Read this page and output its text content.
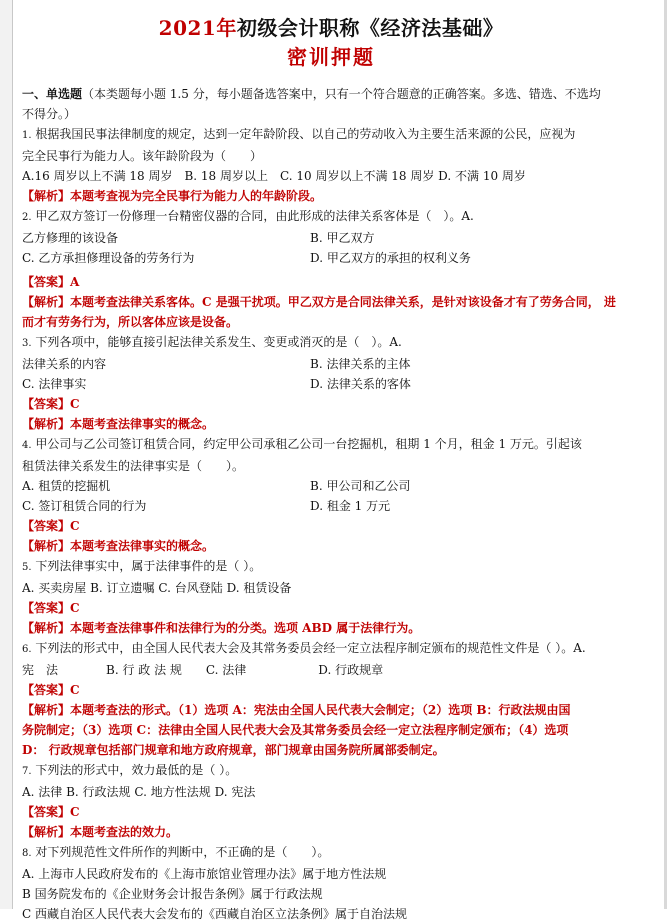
2021年初级会计职称《经济法基础》
密训押题
一、单选题（本类题每小题 1.5 分，每小题备选答案中，只有一个符合题意的正确答案。多选、错选、不选均
不得分。）
1. 根据我国民事法律制度的规定，达到一定年龄阶段、以自己的劳动收入为主要生活来源的公民，应视为
完全民事行为能力人。该年龄阶段为（　　）
A.16 周岁以上不满 18 周岁　B. 18 周岁以上　C. 10 周岁以上不满 18 周岁 D. 不满 10 周岁
【解析】本题考查视为完全民事行为能力人的年龄阶段。
2. 甲乙双方签订一份修理一台精密仪器的合同，由此形成的法律关系客体是（　）。A.
乙方修理的该设备	B. 甲乙双方
C. 乙方承担修理设备的劳务行为	D. 甲乙双方的承担的权利义务
【答案】A
【解析】本题考查法律关系客体。C 是强干扰项。甲乙双方是合同法律关系，是针对该设备才有了劳务合同， 进
而才有劳务行为，所以客体应该是设备。
3. 下列各项中，能够直接引起法律关系发生、变更或消灭的是（　）。A.
法律关系的内容	B. 法律关系的主体
C. 法律事实	D. 法律关系的客体
【答案】C
【解析】本题考查法律事实的概念。
4. 甲公司与乙公司签订租赁合同，约定甲公司承租乙公司一台挖掘机，租期 1 个月，租金 1 万元。引起该
租赁法律关系发生的法律事实是（　　）。
A. 租赁的挖掘机	B. 甲公司和乙公司
C. 签订租赁合同的行为	D. 租金 1 万元
【答案】C
【解析】本题考查法律事实的概念。
5. 下列法律事实中，属于法律事件的是（ ）。
A. 买卖房屋 B. 订立遗嘱 C. 台风登陆 D. 租赁设备
【答案】C
【解析】本题考查法律事件和法律行为的分类。选项 ABD 属于法律行为。
6. 下列法的形式中，由全国人民代表大会及其常务委员会经一定立法程序制定颁布的规范性文件是（ ）。A.
宪　法　　　　B. 行 政 法 规　　C. 法律　　　　　　D. 行政规章
【答案】C
【解析】本题考查法的形式。（1）选项 A：宪法由全国人民代表大会制定；（2）选项 B：行政法规由国
务院制定；（3）选项 C：法律由全国人民代表大会及其常务委员会经一定立法程序制定颁布；（4）选项
D： 行政规章包括部门规章和地方政府规章，部门规章由国务院所属部委制定。
7. 下列法的形式中，效力最低的是（ ）。
A. 法律 B. 行政法规 C. 地方性法规 D. 宪法
【答案】C
【解析】本题考查法的效力。
8. 对下列规范性文件所作的判断中，不正确的是（　　）。
A. 上海市人民政府发布的《上海市旅馆业管理办法》属于地方性法规
B 国务院发布的《企业财务会计报告条例》属于行政法规
C 西藏自治区人民代表大会发布的《西藏自治区立法条例》属于自治法规
